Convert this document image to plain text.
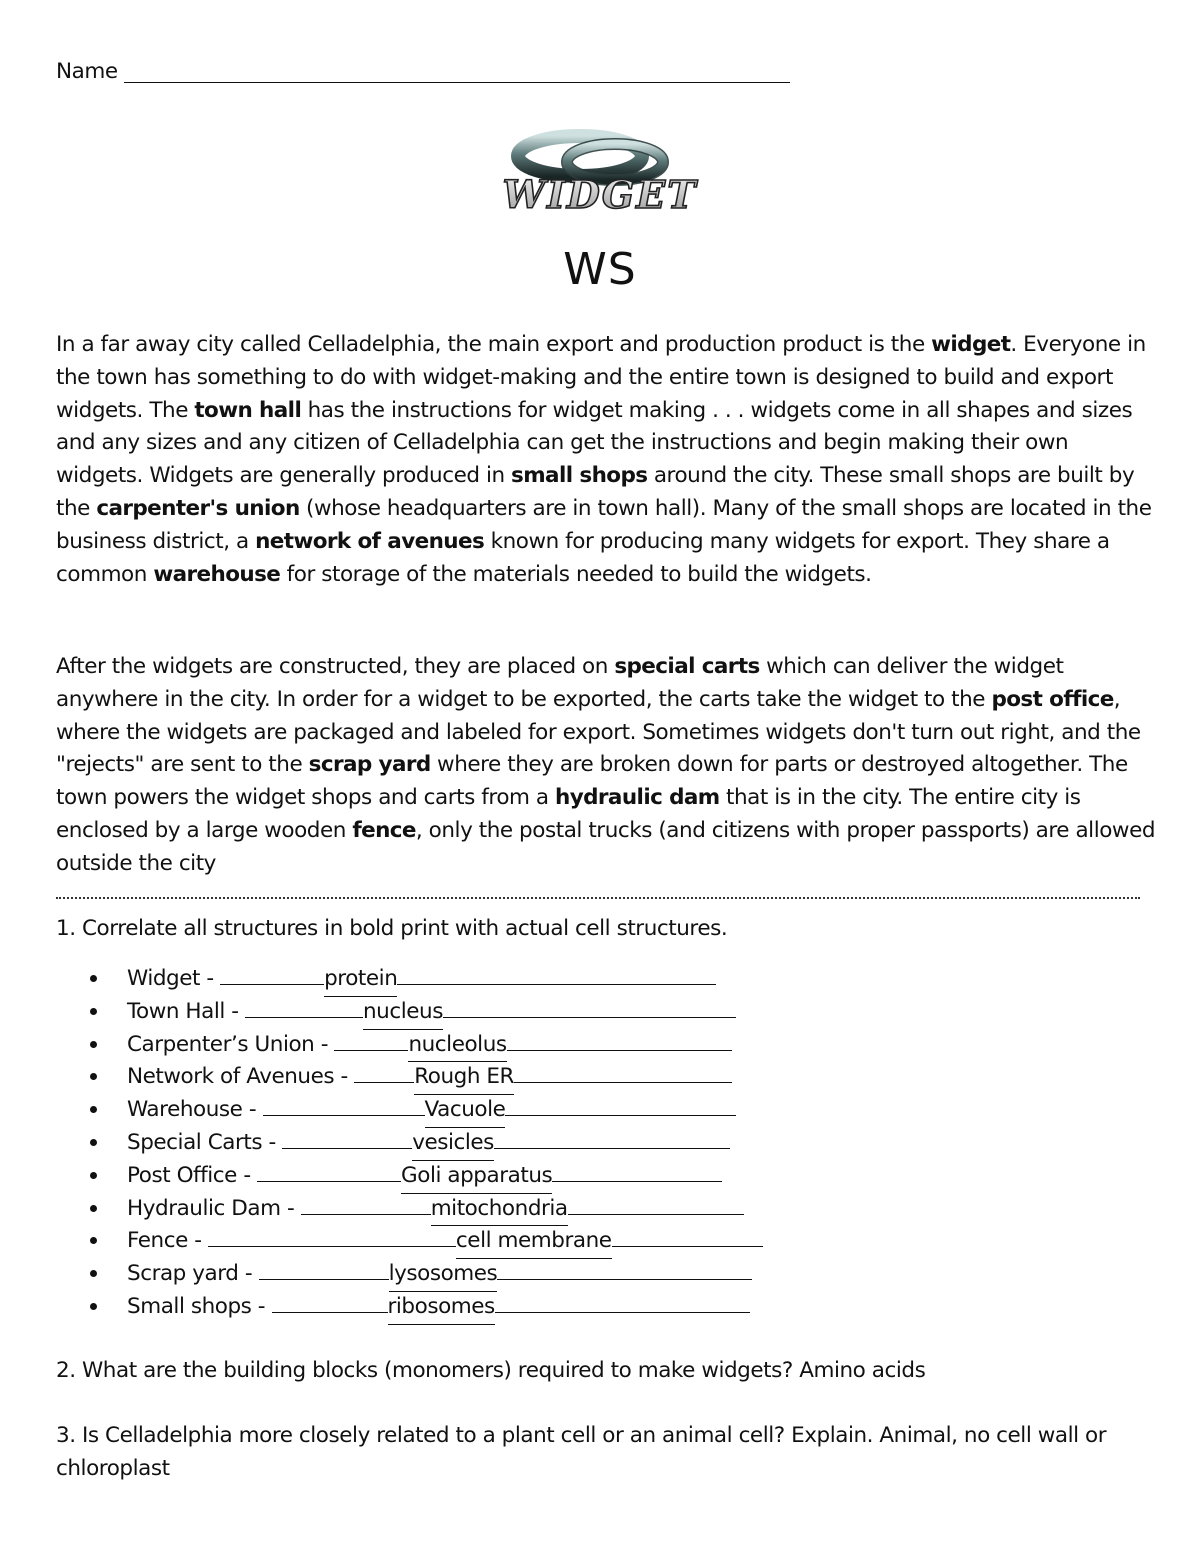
Name
WIDGET
WS

In a far away city called Celladelphia, the main export and production product is the widget. Everyone in the town has something to do with widget-making and the entire town is designed to build and export widgets. The town hall has the instructions for widget making . . . widgets come in all shapes and sizes and any sizes and any citizen of Celladelphia can get the instructions and begin making their own widgets. Widgets are generally produced in small shops around the city. These small shops are built by the carpenter's union (whose headquarters are in town hall). Many of the small shops are located in the business district, a network of avenues known for producing many widgets for export. They share a common warehouse for storage of the materials needed to build the widgets.

After the widgets are constructed, they are placed on special carts which can deliver the widget anywhere in the city. In order for a widget to be exported, the carts take the widget to the post office, where the widgets are packaged and labeled for export. Sometimes widgets don't turn out right, and the "rejects" are sent to the scrap yard where they are broken down for parts or destroyed altogether. The town powers the widget shops and carts from a hydraulic dam that is in the city. The entire city is enclosed by a large wooden fence, only the postal trucks (and citizens with proper passports) are allowed outside the city

1. Correlate all structures in bold print with actual cell structures.

Widget -	protein
Town Hall -	nucleus
Carpenter’s Union -	nucleolus
Network of Avenues -	Rough ER
Warehouse -	Vacuole
Special Carts -	vesicles
Post Office -	Goli apparatus
Hydraulic Dam -	mitochondria
Fence -	cell membrane
Scrap yard -	lysosomes
Small shops -	ribosomes

2. What are the building blocks (monomers) required to make widgets? Amino acids

3. Is Celladelphia more closely related to a plant cell or an animal cell? Explain. Animal, no cell wall or chloroplast
